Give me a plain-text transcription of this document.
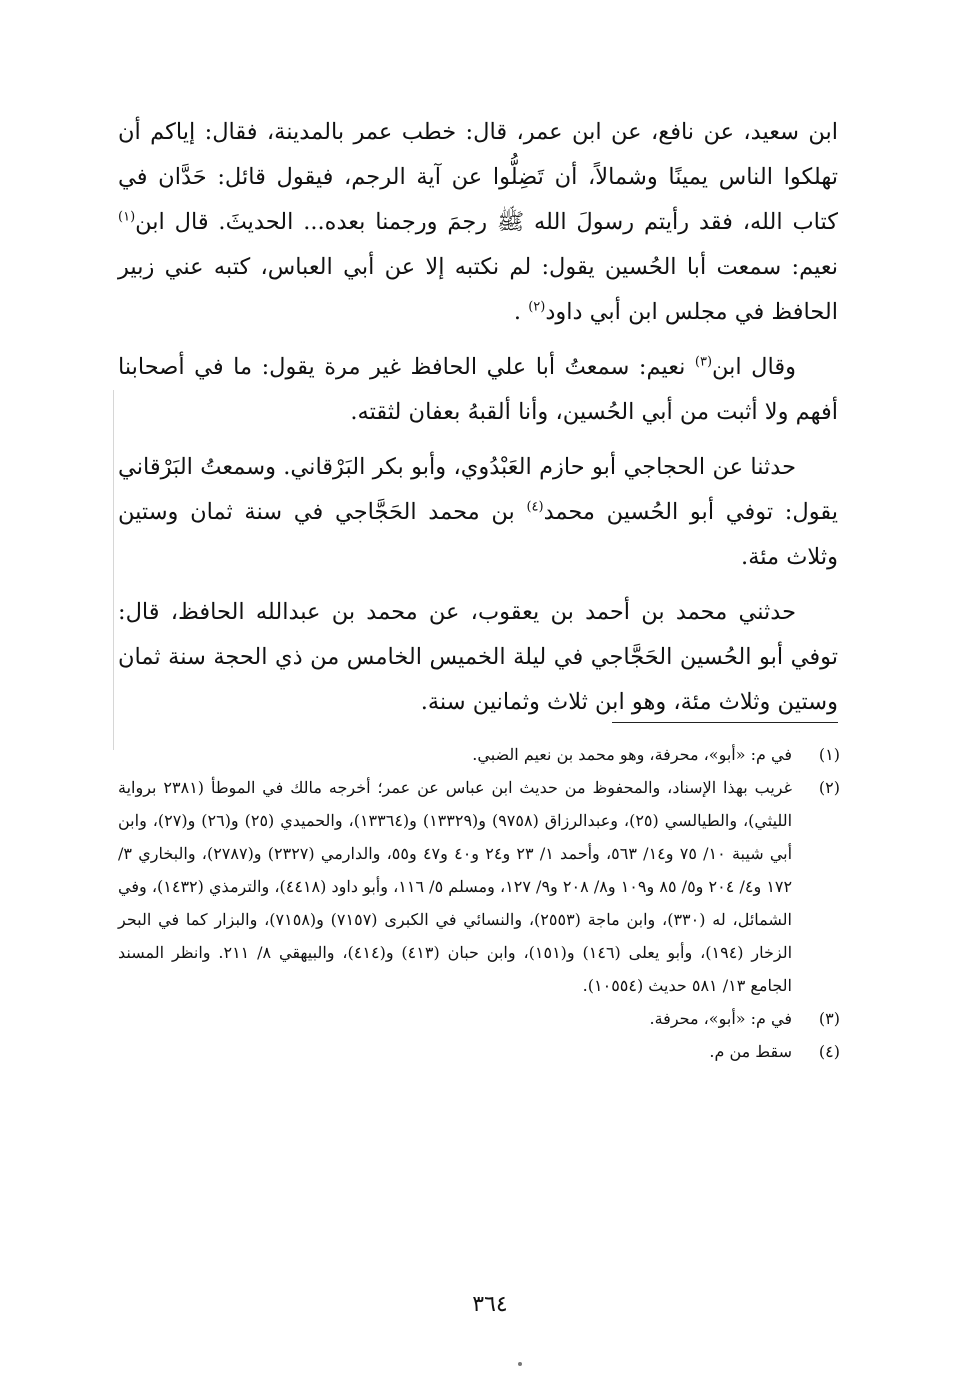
ابن سعيد، عن نافع، عن ابن عمر، قال: خطب عمر بالمدينة، فقال: إياكم أن تهلكوا الناس يمينًا وشمالاً، أن تَضِلُّوا عن آية الرجم، فيقول قائل: حَدَّان في كتاب الله، فقد رأيتم رسولَ الله ﷺ رجمَ ورجمنا بعده... الحديثَ. قال ابن$^{(١)}$ نعيم: سمعت أبا الحُسين يقول: لم نكتبه إلا عن أبي العباس، كتبه عني زبير الحافظ في مجلس ابن أبي داود$^{(٢)}$ .

وقال ابن$^{(٣)}$ نعيم: سمعتُ أبا علي الحافظ غير مرة يقول: ما في أصحابنا أفهم ولا أثبت من أبي الحُسين، وأنا ألقبهُ بعفان لثقته.

حدثنا عن الحجاجي أبو حازم العَبْدُوي، وأبو بكر البَرْقاني. وسمعتُ البَرْقاني يقول: توفي أبو الحُسين محمد$^{(٤)}$ بن محمد الحَجَّاجي في سنة ثمان وستين وثلاث مئة.

حدثني محمد بن أحمد بن يعقوب، عن محمد بن عبدالله الحافظ، قال: توفي أبو الحُسين الحَجَّاجي في ليلة الخميس الخامس من ذي الحجة سنة ثمان وستين وثلاث مئة، وهو ابن ثلاث وثمانين سنة.

(١)
في م: «أبو»، محرفة، وهو محمد بن نعيم الضبي.
(٢)
غريب بهذا الإسناد، والمحفوظ من حديث ابن عباس عن عمر؛ أخرجه مالك في الموطأ (٢٣٨١ برواية الليثي)، والطيالسي (٢٥)، وعبدالرزاق (٩٧٥٨) و(١٣٣٢٩) و(١٣٣٦٤)، والحميدي (٢٥) و(٢٦) و(٢٧)، وابن أبي شيبة ١٠/ ٧٥ و١٤/ ٥٦٣، وأحمد ١/ ٢٣ و٢٤ و٤٠ و٤٧ و٥٥، والدارمي (٢٣٢٧) و(٢٧٨٧)، والبخاري ٣/ ١٧٢ و٤/ ٢٠٤ و٥/ ٨٥ و١٠٩ و٨/ ٢٠٨ و٩/ ١٢٧، ومسلم ٥/ ١١٦، وأبو داود (٤٤١٨)، والترمذي (١٤٣٢)، وفي الشمائل، له (٣٣٠)، وابن ماجة (٢٥٥٣)، والنسائي في الكبرى (٧١٥٧) و(٧١٥٨)، والبزار كما في البحر الزخار (١٩٤)، وأبو يعلى (١٤٦) و(١٥١)، وابن حبان (٤١٣) و(٤١٤)، والبيهقي ٨/ ٢١١. وانظر المسند الجامع ١٣/ ٥٨١ حديث (١٠٥٥٤).
(٣)
في م: «أبو»، محرفة.
(٤)
سقط من م.
٣٦٤
